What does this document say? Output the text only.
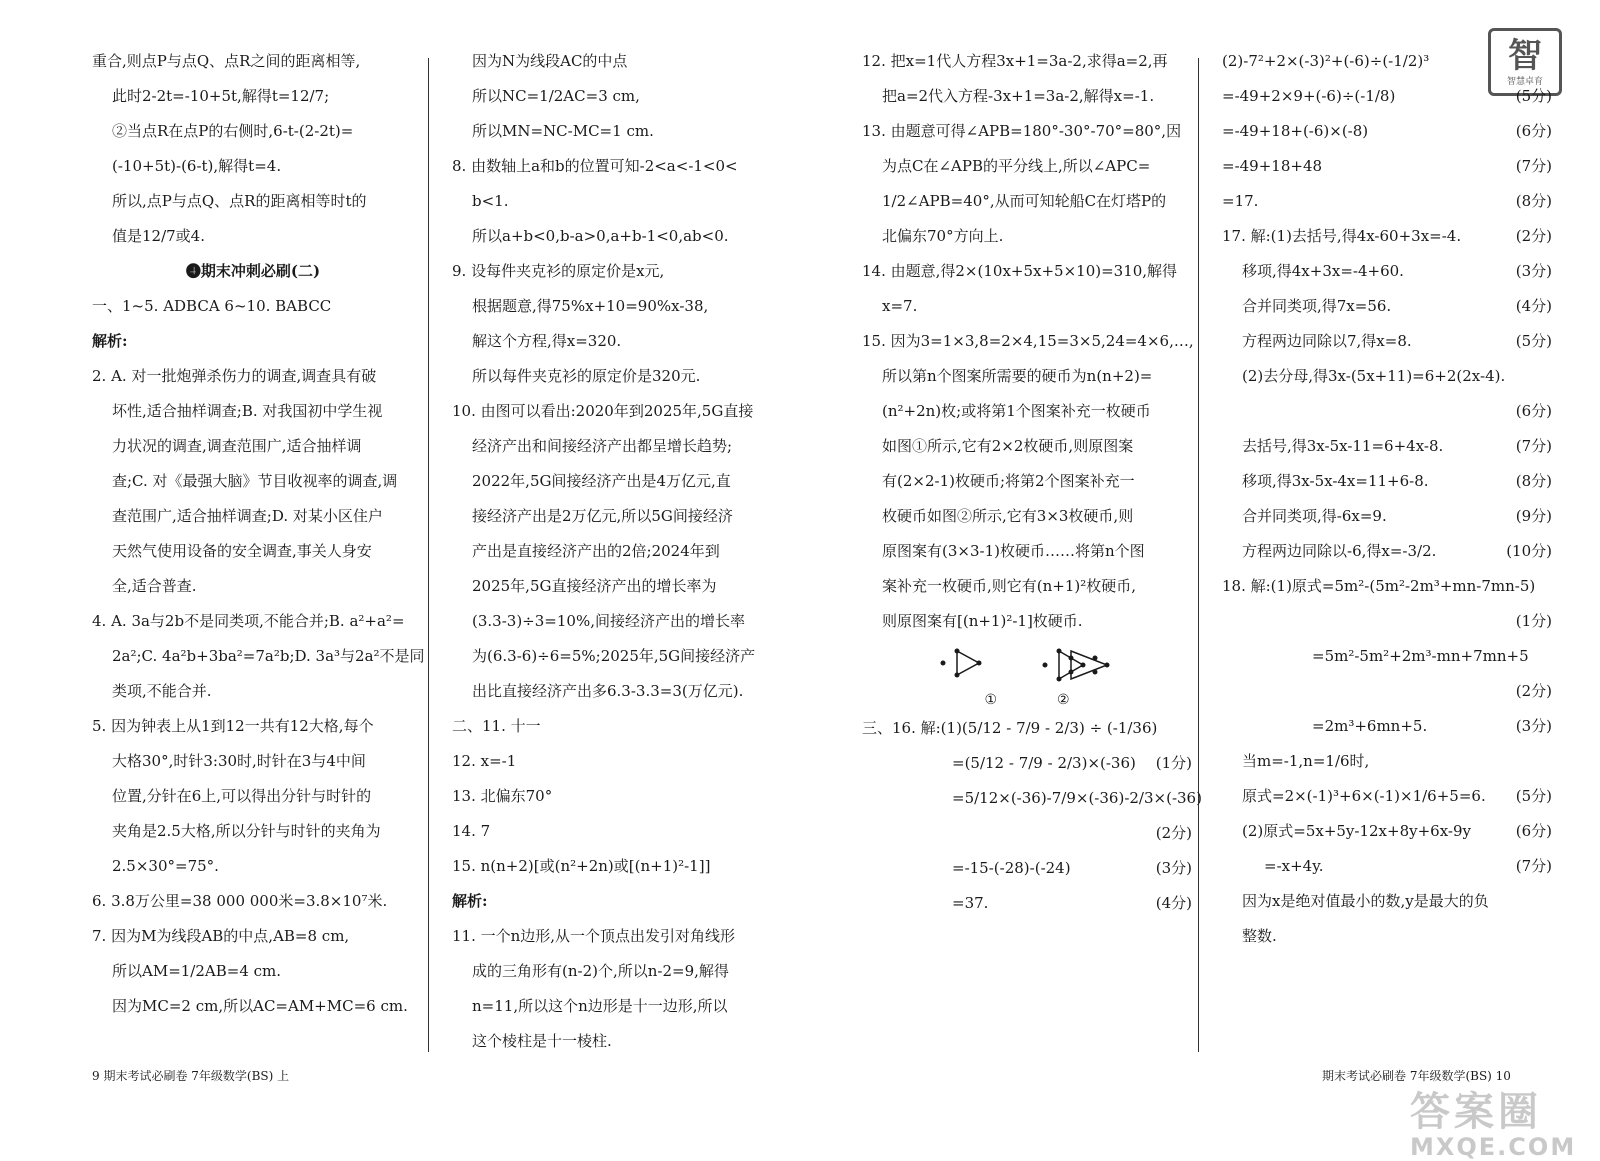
智
智慧卓育
重合,则点P与点Q、点R之间的距离相等,
此时2-2t=-10+5t,解得t=12/7;
②当点R在点P的右侧时,6-t-(2-2t)=
(-10+5t)-(6-t),解得t=4.
所以,点P与点Q、点R的距离相等时t的
值是12/7或4.
❹期末冲刺必刷(二)
一、1~5. ADBCA 6~10. BABCC
解析:
2. A. 对一批炮弹杀伤力的调查,调查具有破
坏性,适合抽样调查;B. 对我国初中学生视
力状况的调查,调查范围广,适合抽样调
查;C. 对《最强大脑》节目收视率的调查,调
查范围广,适合抽样调查;D. 对某小区住户
天然气使用设备的安全调查,事关人身安
全,适合普查.
4. A. 3a与2b不是同类项,不能合并;B. a²+a²=
2a²;C. 4a²b+3ba²=7a²b;D. 3a³与2a²不是同
类项,不能合并.
5. 因为钟表上从1到12一共有12大格,每个
大格30°,时针3:30时,时针在3与4中间
位置,分针在6上,可以得出分针与时针的
夹角是2.5大格,所以分针与时针的夹角为
2.5×30°=75°.
6. 3.8万公里=38 000 000米=3.8×10⁷米.
7. 因为M为线段AB的中点,AB=8 cm,
所以AM=1/2AB=4 cm.
因为MC=2 cm,所以AC=AM+MC=6 cm.
因为N为线段AC的中点
所以NC=1/2AC=3 cm,
所以MN=NC-MC=1 cm.
8. 由数轴上a和b的位置可知-2<a<-1<0<
b<1.
所以a+b<0,b-a>0,a+b-1<0,ab<0.
9. 设每件夹克衫的原定价是x元,
根据题意,得75%x+10=90%x-38,
解这个方程,得x=320.
所以每件夹克衫的原定价是320元.
10. 由图可以看出:2020年到2025年,5G直接
经济产出和间接经济产出都呈增长趋势;
2022年,5G间接经济产出是4万亿元,直
接经济产出是2万亿元,所以5G间接经济
产出是直接经济产出的2倍;2024年到
2025年,5G直接经济产出的增长率为
(3.3-3)÷3=10%,间接经济产出的增长率
为(6.3-6)÷6=5%;2025年,5G间接经济产
出比直接经济产出多6.3-3.3=3(万亿元).
二、11. 十一
12. x=-1
13. 北偏东70°
14. 7
15. n(n+2)[或(n²+2n)或[(n+1)²-1]]
解析:
11. 一个n边形,从一个顶点出发引对角线形
成的三角形有(n-2)个,所以n-2=9,解得
n=11,所以这个n边形是十一边形,所以
这个棱柱是十一棱柱.
12. 把x=1代人方程3x+1=3a-2,求得a=2,再
把a=2代入方程-3x+1=3a-2,解得x=-1.
13. 由题意可得∠APB=180°-30°-70°=80°,因
为点C在∠APB的平分线上,所以∠APC=
1/2∠APB=40°,从而可知轮船C在灯塔P的
北偏东70°方向上.
14. 由题意,得2×(10x+5x+5×10)=310,解得
x=7.
15. 因为3=1×3,8=2×4,15=3×5,24=4×6,…,
所以第n个图案所需要的硬币为n(n+2)=
(n²+2n)枚;或将第1个图案补充一枚硬币
如图①所示,它有2×2枚硬币,则原图案
有(2×2-1)枚硬币;将第2个图案补充一
枚硬币如图②所示,它有3×3枚硬币,则
原图案有(3×3-1)枚硬币……将第n个图
案补充一枚硬币,则它有(n+1)²枚硬币,
则原图案有[(n+1)²-1]枚硬币.
①	②
三、16. 解:(1)(5/12 - 7/9 - 2/3) ÷ (-1/36)
=(5/12 - 7/9 - 2/3)×(-36) (1分)
=5/12×(-36)-7/9×(-36)-2/3×(-36)
(2分)
=-15-(-28)-(-24)	(3分)
=37.	(4分)
(2)-7²+2×(-3)²+(-6)÷(-1/2)³
=-49+2×9+(-6)÷(-1/8)	(5分)
=-49+18+(-6)×(-8)	(6分)
=-49+18+48	(7分)
=17.	(8分)
17. 解:(1)去括号,得4x-60+3x=-4.	(2分)
移项,得4x+3x=-4+60.	(3分)
合并同类项,得7x=56.	(4分)
方程两边同除以7,得x=8.	(5分)
(2)去分母,得3x-(5x+11)=6+2(2x-4).
(6分)
去括号,得3x-5x-11=6+4x-8.	(7分)
移项,得3x-5x-4x=11+6-8.	(8分)
合并同类项,得-6x=9.	(9分)
方程两边同除以-6,得x=-3/2.	(10分)
18. 解:(1)原式=5m²-(5m²-2m³+mn-7mn-5)
(1分)
=5m²-5m²+2m³-mn+7mn+5
(2分)
=2m³+6mn+5.	(3分)
当m=-1,n=1/6时,
原式=2×(-1)³+6×(-1)×1/6+5=6. (5分)
(2)原式=5x+5y-12x+8y+6x-9y	(6分)
=-x+4y.	(7分)
因为x是绝对值最小的数,y是最大的负
整数.
9 期末考试必刷卷 7年级数学(BS) 上	期末考试必刷卷 7年级数学(BS) 10
答案圈
MXQE.COM
